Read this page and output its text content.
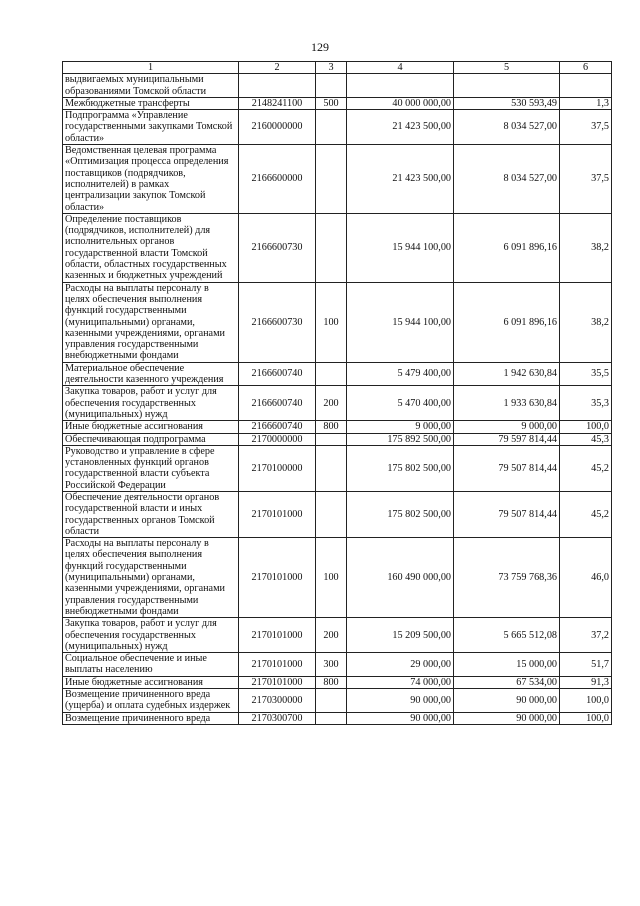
129
1	2	3	4	5	6
выдвигаемых муниципальными образованиями Томской области					
Межбюджетные трансферты	2148241100	500	40 000 000,00	530 593,49	1,3
Подпрограмма «Управление государственными закупками Томской области»	2160000000		21 423 500,00	8 034 527,00	37,5
Ведомственная целевая программа «Оптимизация процесса определения поставщиков (подрядчиков, исполнителей) в рамках централизации закупок Томской области»	2166600000		21 423 500,00	8 034 527,00	37,5
Определение поставщиков (подрядчиков, исполнителей) для исполнительных органов государственной власти Томской области, областных государственных казенных и бюджетных учреждений	2166600730		15 944 100,00	6 091 896,16	38,2
Расходы на выплаты персоналу в целях обеспечения выполнения функций государственными (муниципальными) органами, казенными учреждениями, органами управления государственными внебюджетными фондами	2166600730	100	15 944 100,00	6 091 896,16	38,2
Материальное обеспечение деятельности казенного учреждения	2166600740		5 479 400,00	1 942 630,84	35,5
Закупка товаров, работ и услуг для обеспечения государственных (муниципальных) нужд	2166600740	200	5 470 400,00	1 933 630,84	35,3
Иные бюджетные ассигнования	2166600740	800	9 000,00	9 000,00	100,0
Обеспечивающая подпрограмма	2170000000		175 892 500,00	79 597 814,44	45,3
Руководство и управление в сфере установленных функций органов государственной власти субъекта Российской Федерации	2170100000		175 802 500,00	79 507 814,44	45,2
Обеспечение деятельности органов государственной власти и иных государственных органов Томской области	2170101000		175 802 500,00	79 507 814,44	45,2
Расходы на выплаты персоналу в целях обеспечения выполнения функций государственными (муниципальными) органами, казенными учреждениями, органами управления государственными внебюджетными фондами	2170101000	100	160 490 000,00	73 759 768,36	46,0
Закупка товаров, работ и услуг для обеспечения государственных (муниципальных) нужд	2170101000	200	15 209 500,00	5 665 512,08	37,2
Социальное обеспечение и иные выплаты населению	2170101000	300	29 000,00	15 000,00	51,7
Иные бюджетные ассигнования	2170101000	800	74 000,00	67 534,00	91,3
Возмещение причиненного вреда (ущерба) и оплата судебных издержек	2170300000		90 000,00	90 000,00	100,0
Возмещение причиненного вреда	2170300700		90 000,00	90 000,00	100,0
